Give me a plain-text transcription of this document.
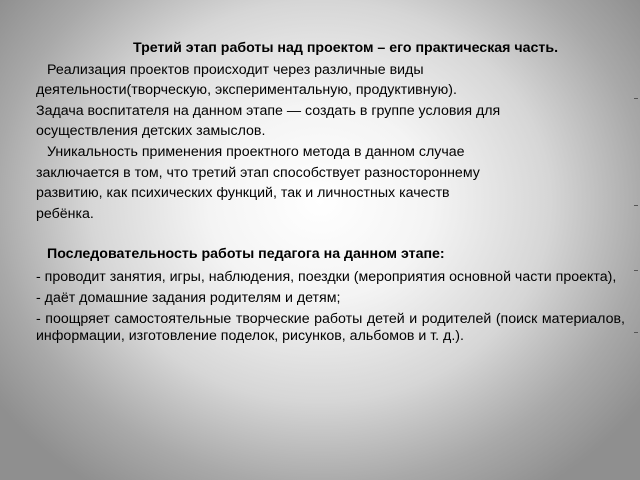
Третий этап работы над проектом – его практическая часть.
Реализация проектов происходит через различные виды
деятельности(творческую, экспериментальную, продуктивную).
Задача воспитателя на данном этапе — создать в группе условия для
осуществления детских замыслов.
Уникальность применения проектного метода в данном случае
заключается в том, что третий этап способствует разностороннему
развитию, как психических функций, так и личностных качеств
ребёнка.
Последовательность работы педагога на данном этапе:
- проводит занятия, игры, наблюдения, поездки (мероприятия основной части проекта),
- даёт домашние задания родителям и детям;
- поощряет самостоятельные творческие работы детей и родителей (поиск материалов, информации, изготовление поделок, рисунков, альбомов и т. д.).
